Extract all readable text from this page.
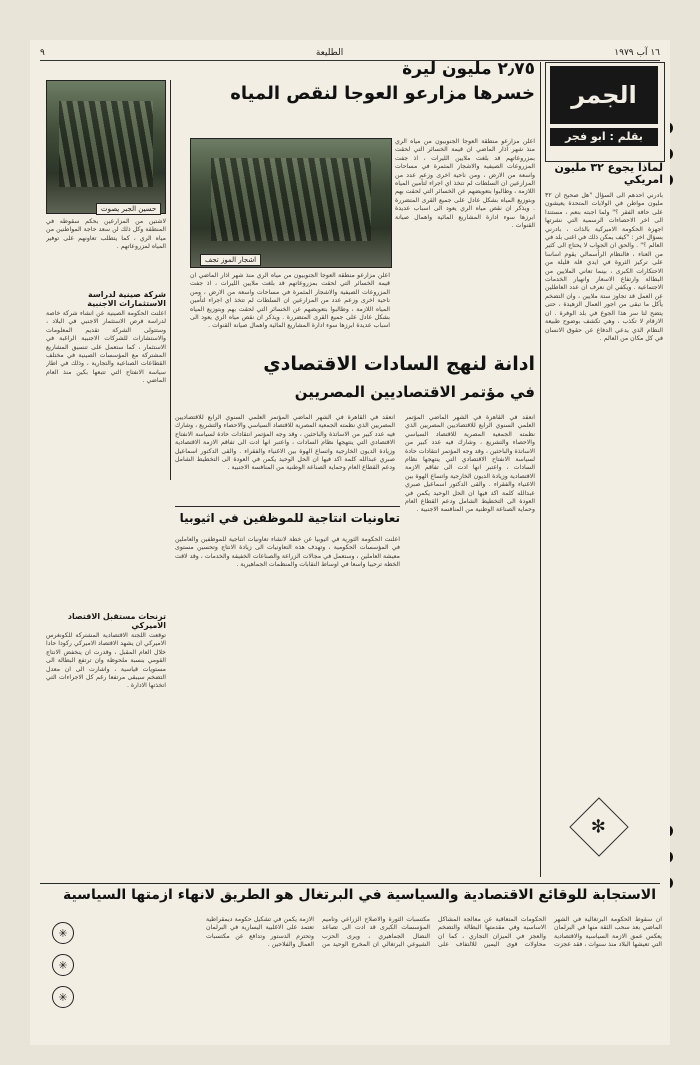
١٦ آب ١٩٧٩
الطليعة
٩
الجمر
بقلم : ابو فجر
لماذا يجوع ٣٢ مليون امريكي
بادرني احدهم الى السؤال "هل صحيح ان ٣٢ مليون مواطن في الولايات المتحدة يعيشون على حافة الفقر ؟" ولما اجبته بنعم ، مستندا الى اخر الاحصاءات الرسمية التي نشرتها اجهزة الحكومة الاميركية بالذات ، بادرني بسؤال اخر : "كيف يمكن ذلك في اغنى بلد في العالم ؟" . والحق ان الجواب لا يحتاج الى كثير من العناء ، فالنظام الرأسمالي يقوم اساسا على تركيز الثروة في ايدي قلة قليلة من الاحتكارات الكبرى ، بينما تعاني الملايين من البطالة وارتفاع الاسعار وانهيار الخدمات الاجتماعية . ويكفي ان نعرف ان عدد العاطلين عن العمل قد تجاوز ستة ملايين ، وان التضخم يأكل ما تبقى من اجور العمال الزهيدة ، حتى يتضح لنا سر هذا الجوع في بلد الوفرة . ان الارقام لا تكذب ، وهي تكشف بوضوح طبيعة النظام الذي يدعي الدفاع عن حقوق الانسان في كل مكان من العالم .
✻
٢٫٧٥ مليون ليرة
خسرها مزارعو العوجا لنقص المياه
حسين الجبر يصوت
اشجار الموز تجف
اعلن مزارعو منطقة العوجا الجنوبيون من مياه الري منذ شهر آذار الماضي ان قيمة الخسائر التي لحقت بمزروعاتهم قد بلغت ملايين الليرات ، اذ جفت المزروعات الصيفية والاشجار المثمرة في مساحات واسعة من الارض ، ومن ناحية اخرى وزعم عدد من المزارعين ان السلطات لم تتخذ اي اجراء لتأمين المياه اللازمة ، وطالبوا بتعويضهم عن الخسائر التي لحقت بهم وبتوزيع المياه بشكل عادل على جميع القرى المتضررة . ويذكر ان نقص مياه الري يعود الى اسباب عديدة ابرزها سوء ادارة المشاريع المائية واهمال صيانة القنوات .
اعلن مزارعو منطقة العوجا الجنوبيون من مياه الري منذ شهر آذار الماضي ان قيمة الخسائر التي لحقت بمزروعاتهم قد بلغت ملايين الليرات ، اذ جفت المزروعات الصيفية والاشجار المثمرة في مساحات واسعة من الارض ، ومن ناحية اخرى وزعم عدد من المزارعين ان السلطات لم تتخذ اي اجراء لتأمين المياه اللازمة ، وطالبوا بتعويضهم عن الخسائر التي لحقت بهم وبتوزيع المياه بشكل عادل على جميع القرى المتضررة . ويذكر ان نقص مياه الري يعود الى اسباب عديدة ابرزها سوء ادارة المشاريع المائية واهمال صيانة القنوات .
لاشتين من المزارعين بحكم سقوطه في المنطقة وكل ذلك لن سعد حاجة المواطنين من مياه الري ، كما يتطلب تعاونهم على توفير المياه لمزروعاتهم .
شركة صينية لدراسة الاستثمارات الاجنبية
اعلنت الحكومة الصينية عن انشاء شركة خاصة لدراسة فرص الاستثمار الاجنبي في البلاد ، وستتولى الشركة تقديم المعلومات والاستشارات للشركات الاجنبية الراغبة في الاستثمار ، كما ستعمل على تنسيق المشاريع المشتركة مع المؤسسات الصينية في مختلف القطاعات الصناعية والتجارية ، وذلك في اطار سياسة الانفتاح التي تتبعها بكين منذ العام الماضي .
ترنحات مستقبل الاقتصاد الاميركي
توقعت اللجنة الاقتصادية المشتركة للكونغرس الاميركي ان يشهد الاقتصاد الاميركي ركودا حادا خلال العام المقبل ، وقدرت ان ينخفض الانتاج القومي بنسبة ملحوظة وان ترتفع البطالة الى مستويات قياسية ، واشارت الى ان معدل التضخم سيبقى مرتفعا رغم كل الاجراءات التي اتخذتها الادارة .
ادانة لنهج السادات الاقتصادي
في مؤتمر الاقتصاديين المصريين
انعقد في القاهرة في الشهر الماضي المؤتمر العلمي السنوي الرابع للاقتصاديين المصريين الذي نظمته الجمعية المصرية للاقتصاد السياسي والاحصاء والتشريع ، وشارك فيه عدد كبير من الاساتذة والباحثين ، وقد وجه المؤتمر انتقادات حادة لسياسة الانفتاح الاقتصادي التي ينتهجها نظام السادات ، واعتبر انها ادت الى تفاقم الازمة الاقتصادية وزيادة الديون الخارجية واتساع الهوة بين الاغنياء والفقراء . والقى الدكتور اسماعيل صبري عبدالله كلمة اكد فيها ان الحل الوحيد يكمن في العودة الى التخطيط الشامل ودعم القطاع العام وحماية الصناعة الوطنية من المنافسة الاجنبية .
انعقد في القاهرة في الشهر الماضي المؤتمر العلمي السنوي الرابع للاقتصاديين المصريين الذي نظمته الجمعية المصرية للاقتصاد السياسي والاحصاء والتشريع ، وشارك فيه عدد كبير من الاساتذة والباحثين ، وقد وجه المؤتمر انتقادات حادة لسياسة الانفتاح الاقتصادي التي ينتهجها نظام السادات ، واعتبر انها ادت الى تفاقم الازمة الاقتصادية وزيادة الديون الخارجية واتساع الهوة بين الاغنياء والفقراء . والقى الدكتور اسماعيل صبري عبدالله كلمة اكد فيها ان الحل الوحيد يكمن في العودة الى التخطيط الشامل ودعم القطاع العام وحماية الصناعة الوطنية من المنافسة الاجنبية .
تعاونيات انتاجية للموظفين في اثيوبيا
اعلنت الحكومة الثورية في اثيوبيا عن خطة لانشاء تعاونيات انتاجية للموظفين والعاملين في المؤسسات الحكومية ، وتهدف هذه التعاونيات الى زيادة الانتاج وتحسين مستوى معيشة العاملين ، وستعمل في مجالات الزراعة والصناعات الخفيفة والخدمات ، وقد لاقت الخطة ترحيبا واسعا في اوساط النقابات والمنظمات الجماهيرية .
الاستجابة للوقائع الاقتصادية والسياسية في البرتغال هو الطريق لانهاء ازمتها السياسية
ان سقوط الحكومة البرتغالية في الشهر الماضي بعد سحب الثقة منها في البرلمان يعكس عمق الازمة السياسية والاقتصادية التي تعيشها البلاد منذ سنوات ، فقد عجزت الحكومات المتعاقبة عن معالجة المشاكل الاساسية وفي مقدمتها البطالة والتضخم والعجز في الميزان التجاري ، كما ان محاولات قوى اليمين للالتفاف على مكتسبات الثورة والاصلاح الزراعي وتأميم المؤسسات الكبرى قد ادت الى تصاعد النضال الجماهيري ، ويرى الحزب الشيوعي البرتغالي ان المخرج الوحيد من الازمة يكمن في تشكيل حكومة ديمقراطية تعتمد على الاغلبية اليسارية في البرلمان وتحترم الدستور وتدافع عن مكتسبات العمال والفلاحين .
✳
✳
✳
